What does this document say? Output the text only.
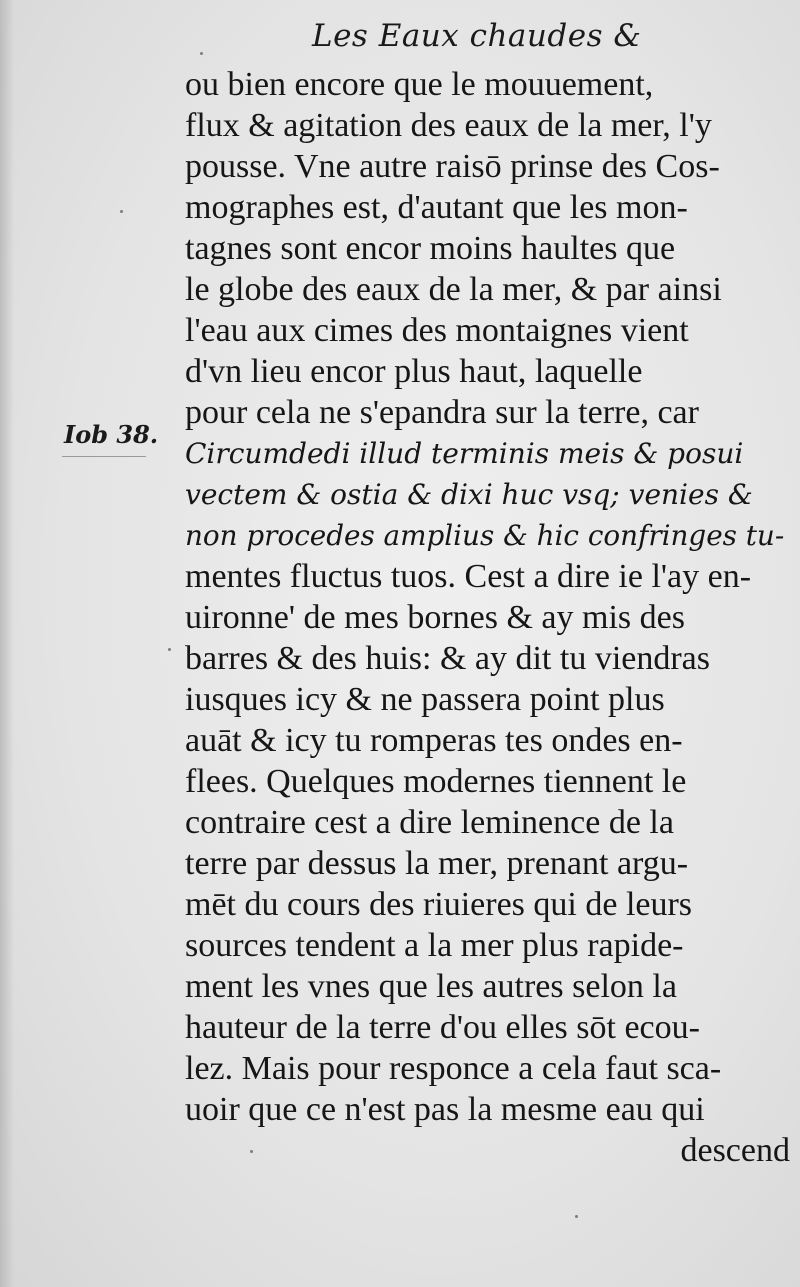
Les Eaux chaudes &
Iob 38.
ou bien encore que le mouuement,
flux & agitation des eaux de la mer, l'y
pousse. Vne autre raisō prinse des Cos-
mographes est, d'autant que les mon-
tagnes sont encor moins haultes que
le globe des eaux de la mer, & par ainsi
l'eau aux cimes des montaignes vient
d'vn lieu encor plus haut, laquelle
pour cela ne s'epandra sur la terre, car
Circumdedi illud terminis meis & posui
vectem & ostia & dixi huc vsq; venies &
non procedes amplius & hic confringes tu-
mentes fluctus tuos. Cest a dire ie l'ay en-
uironne' de mes bornes & ay mis des
barres & des huis: & ay dit tu viendras
iusques icy & ne passera point plus
auāt & icy tu romperas tes ondes en-
flees. Quelques modernes tiennent le
contraire cest a dire leminence de la
terre par dessus la mer, prenant argu-
mēt du cours des riuieres qui de leurs
sources tendent a la mer plus rapide-
ment les vnes que les autres selon la
hauteur de la terre d'ou elles sōt ecou-
lez. Mais pour responce a cela faut sca-
uoir que ce n'est pas la mesme eau qui
descend
